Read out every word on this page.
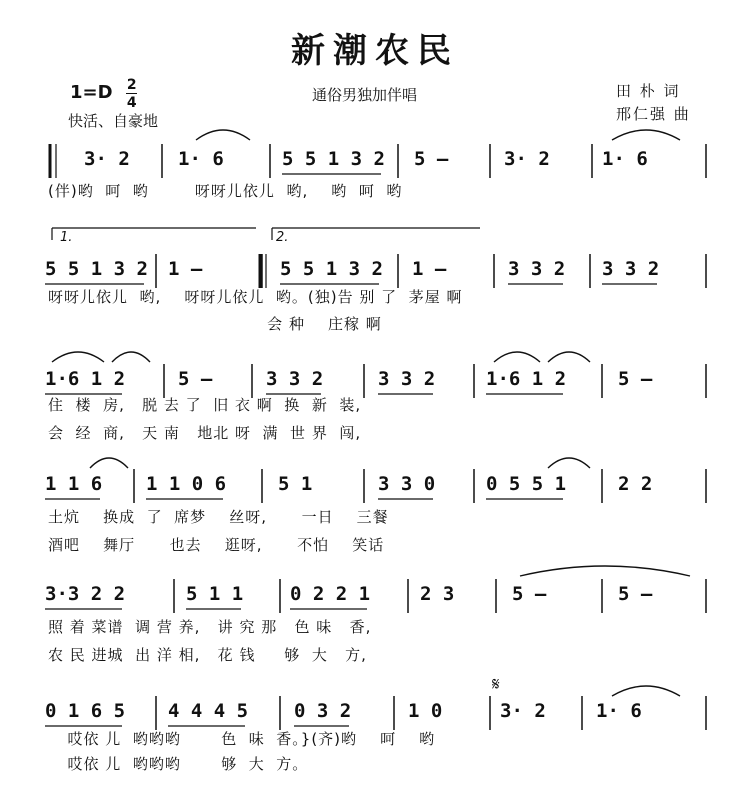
新潮农民
1=D
$\frac{2}{4}$
通俗男独加伴唱	田 朴 词
邢仁强 曲
快活、自豪地
3· 2	1· 6	5 5 1 3 2 5 –	3· 2	1· 6
(伴)哟  呵  哟        呀呀儿依儿  哟,    哟  呵  哟
5 5 1 3 2 1 –	5 5 1 3 2 1 –	3 3 2 3 3 2
呀呀儿依儿  哟,    呀呀儿依儿  哟。(独)告 别 了  茅屋 啊
会 种    庄稼 啊
1·6 1 2	5 –	3 3 2	3 3 2	1·6 1 2	5 –
住  楼  房,   脱 去 了  旧 衣 啊  换  新  装,
会  经  商,   天 南   地北 呀  满  世 界  闯,
1 1 6 1 1 0 6	5 1	3 3 0	0 5 5 1	2 2
土炕    换成  了  席梦    丝呀,      一日    三餐
酒吧    舞厅      也去    逛呀,      不怕    笑话
3·3 2 2	5 1 1 0 2 2 1	2 3	5 –	5 –
照 着 菜谱  调 营 养,   讲 究 那   色 味   香,
农 民 进城  出 洋 相,   花 钱     够  大   方,
0 1 6 5 4 4 4 5 0 3 2	1 0	3· 2	1· 6
哎依 儿  哟哟哟       色  味  香。}(齐)哟    呵    哟
哎依 儿  哟哟哟       够  大  方。
1.	2.
𝄋
